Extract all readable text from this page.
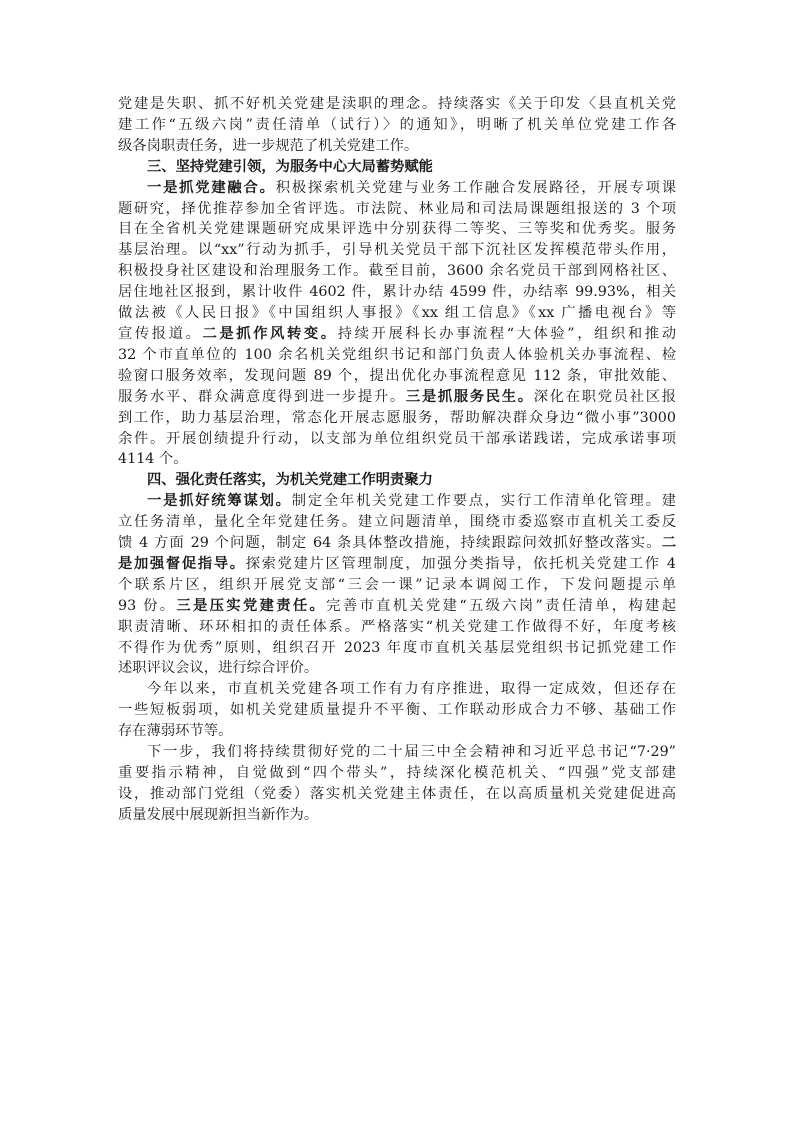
党建是失职、抓不好机关党建是渎职的理念。持续落实《关于印发〈县直机关党
建工作“五级六岗”责任清单（试行）〉的通知》，明晰了机关单位党建工作各
级各岗职责任务，进一步规范了机关党建工作。
三、坚持党建引领，为服务中心大局蓄势赋能
一是抓党建融合。积极探索机关党建与业务工作融合发展路径，开展专项课
题研究，择优推荐参加全省评选。市法院、林业局和司法局课题组报送的 3 个项
目在全省机关党建课题研究成果评选中分别获得二等奖、三等奖和优秀奖。服务
基层治理。以“xx”行动为抓手，引导机关党员干部下沉社区发挥模范带头作用，
积极投身社区建设和治理服务工作。截至目前，3600 余名党员干部到网格社区、
居住地社区报到，累计收件 4602 件，累计办结 4599 件，办结率 99.93%，相关
做法被《人民日报》《中国组织人事报》《xx 组工信息》《xx 广播电视台》等
宣传报道。二是抓作风转变。持续开展科长办事流程“大体验”，组织和推动
32 个市直单位的 100 余名机关党组织书记和部门负责人体验机关办事流程、检
验窗口服务效率，发现问题 89 个，提出优化办事流程意见 112 条，审批效能、
服务水平、群众满意度得到进一步提升。三是抓服务民生。深化在职党员社区报
到工作，助力基层治理，常态化开展志愿服务，帮助解决群众身边“微小事”3000
余件。开展创绩提升行动，以支部为单位组织党员干部承诺践诺，完成承诺事项
4114 个。
四、强化责任落实，为机关党建工作明责聚力
一是抓好统筹谋划。制定全年机关党建工作要点，实行工作清单化管理。建
立任务清单，量化全年党建任务。建立问题清单，围绕市委巡察市直机关工委反
馈 4 方面 29 个问题，制定 64 条具体整改措施，持续跟踪问效抓好整改落实。二
是加强督促指导。探索党建片区管理制度，加强分类指导，依托机关党建工作 4
个联系片区，组织开展党支部“三会一课”记录本调阅工作，下发问题提示单
93 份。三是压实党建责任。完善市直机关党建“五级六岗”责任清单，构建起
职责清晰、环环相扣的责任体系。严格落实“机关党建工作做得不好，年度考核
不得作为优秀”原则，组织召开 2023 年度市直机关基层党组织书记抓党建工作
述职评议会议，进行综合评价。
今年以来，市直机关党建各项工作有力有序推进，取得一定成效，但还存在
一些短板弱项，如机关党建质量提升不平衡、工作联动形成合力不够、基础工作
存在薄弱环节等。
下一步，我们将持续贯彻好党的二十届三中全会精神和习近平总书记“7·29”
重要指示精神，自觉做到“四个带头”，持续深化模范机关、“四强”党支部建
设，推动部门党组（党委）落实机关党建主体责任，在以高质量机关党建促进高
质量发展中展现新担当新作为。
